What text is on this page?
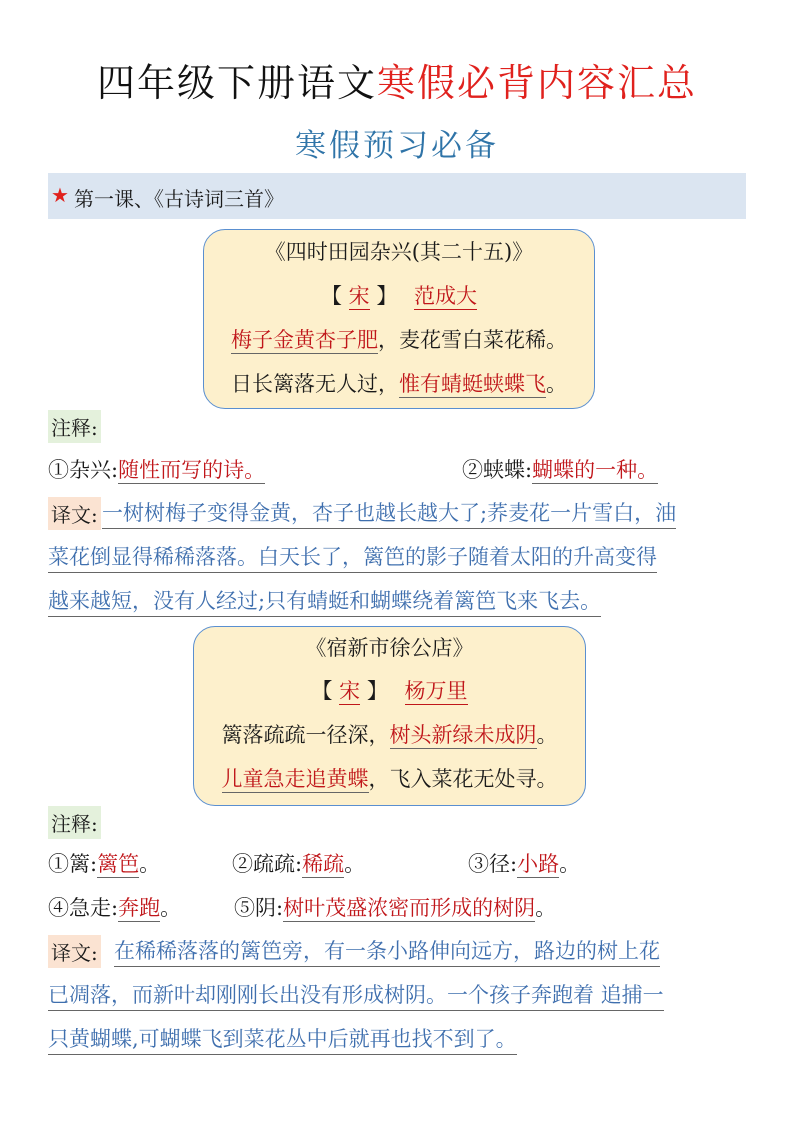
四年级下册语文寒假必背内容汇总
寒假预习必备
★ 第一课、《古诗词三首》
《四时田园杂兴(其二十五)》
【 宋 】 范成大
梅子金黄杏子肥，麦花雪白菜花稀。
日长篱落无人过，惟有蜻蜓蛱蝶飞。
注释:
①杂兴:随性而写的诗。	②蛱蝶:蝴蝶的一种。
译文: 一树树梅子变得金黄，杏子也越长越大了;荞麦花一片雪白，油
菜花倒显得稀稀落落。白天长了，篱笆的影子随着太阳的升高变得
越来越短，没有人经过;只有蜻蜓和蝴蝶绕着篱笆飞来飞去。
《宿新市徐公店》
【 宋 】 杨万里
篱落疏疏一径深，树头新绿未成阴。
儿童急走追黄蝶，飞入菜花无处寻。
注释:
①篱:篱笆。	②疏疏:稀疏。	③径:小路。
④急走:奔跑。	⑤阴:树叶茂盛浓密而形成的树阴。
译文: 在稀稀落落的篱笆旁，有一条小路伸向远方，路边的树上花
已凋落，而新叶却刚刚长出没有形成树阴。一个孩子奔跑着 追捕一
只黄蝴蝶,可蝴蝶飞到菜花丛中后就再也找不到了。
